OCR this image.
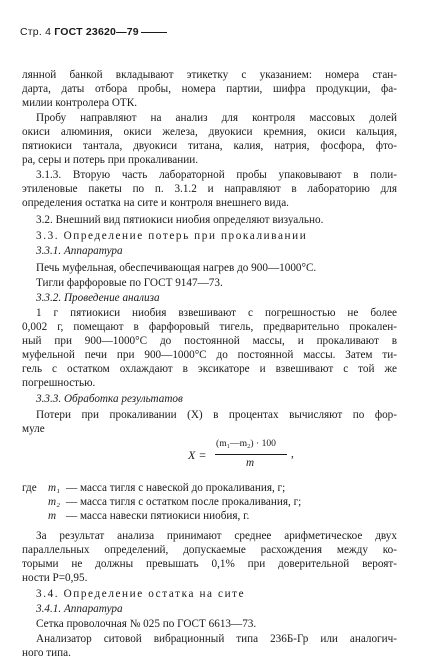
Стр. 4 ГОСТ 23620—79
лянной банкой вкладывают этикетку с указанием: номера стан-
дарта, даты отбора пробы, номера партии, шифра продукции, фа-
милии контролера ОТК.
Пробу направляют на анализ для контроля массовых долей
окиси алюминия, окиси железа, двуокиси кремния, окиси кальция,
пятиокиси тантала, двуокиси титана, калия, натрия, фосфора, фто-
ра, серы и потерь при прокаливании.
3.1.3. Вторую часть лабораторной пробы упаковывают в поли-
этиленовые пакеты по п. 3.1.2 и направляют в лабораторию для
определения остатка на сите и контроля внешнего вида.
3.2. Внешний вид пятиокиси ниобия определяют визуально.
3.3. Определение потерь при прокаливании
3.3.1. Аппаратура
Печь муфельная, обеспечивающая нагрев до 900—1000°С.
Тигли фарфоровые по ГОСТ 9147—73.
3.3.2. Проведение анализа
1 г пятиокиси ниобия взвешивают с погрешностью не более
0,002 г, помещают в фарфоровый тигель, предварительно прокален-
ный при 900—1000°С до постоянной массы, и прокаливают в
муфельной печи при 900—1000°С до постоянной массы. Затем ти-
гель с остатком охлаждают в эксикаторе и взвешивают с той же
погрешностью.
3.3.3. Обработка результатов
Потери при прокаливании (X) в процентах вычисляют по фор-
муле
X =
(m₁—m₂) · 100
m
,
где m₁ — масса тигля с навеской до прокаливания, г;
m₂ — масса тигля с остатком после прокаливания, г;
m — масса навески пятиокиси ниобия, г.
За результат анализа принимают среднее арифметическое двух
параллельных определений, допускаемые расхождения между ко-
торыми не должны превышать 0,1% при доверительной вероят-
ности P=0,95.
3.4. Определение остатка на сите
3.4.1. Аппаратура
Сетка проволочная № 025 по ГОСТ 6613—73.
Анализатор ситовой вибрационный типа 236Б-Гр или аналогич-
ного типа.
